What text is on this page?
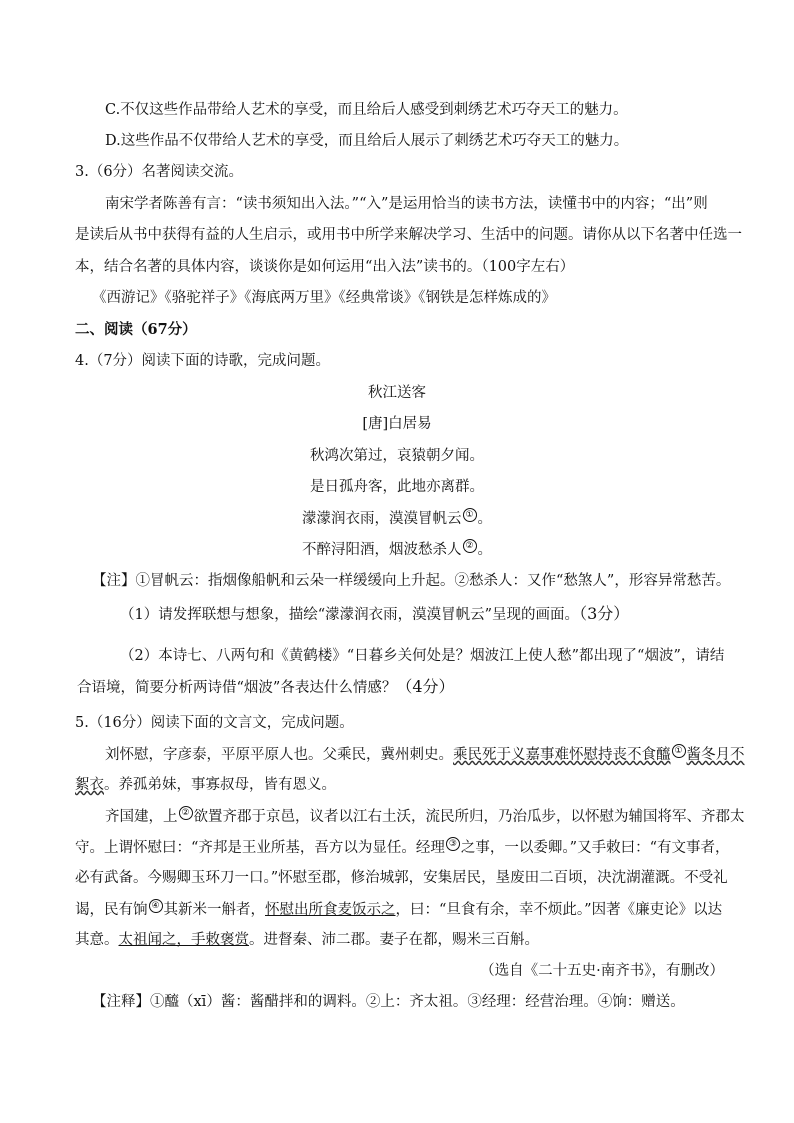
C.不仅这些作品带给人艺术的享受，而且给后人感受到刺绣艺术巧夺天工的魅力。
D.这些作品不仅带给人艺术的享受，而且给后人展示了刺绣艺术巧夺天工的魅力。
3.（6分）名著阅读交流。
南宋学者陈善有言：“读书须知出入法。”“入”是运用恰当的读书方法，读懂书中的内容；“出”则
是读后从书中获得有益的人生启示，或用书中所学来解决学习、生活中的问题。请你从以下名著中任选一
本，结合名著的具体内容，谈谈你是如何运用“出入法”读书的。（100字左右）
《西游记》《骆驼祥子》《海底两万里》《经典常谈》《钢铁是怎样炼成的》
二、阅读（67分）
4.（7分）阅读下面的诗歌，完成问题。
秋江送客
[唐]白居易
秋鸿次第过，哀猿朝夕闻。
是日孤舟客，此地亦离群。
濛濛润衣雨，漠漠冒帆云 ① 。
不醉浔阳酒，烟波愁杀人 ② 。
【注】①冒帆云：指烟像船帆和云朵一样缓缓向上升起。②愁杀人：又作“愁煞人”，形容异常愁苦。
（1）请发挥联想与想象，描绘“濛濛润衣雨，漠漠冒帆云”呈现的画面。（3分）
（2）本诗七、八两句和《黄鹤楼》“日暮乡关何处是？烟波江上使人愁”都出现了“烟波”，请结
合语境，简要分析两诗借“烟波”各表达什么情感？（4分）
5.（16分）阅读下面的文言文，完成问题。
刘怀慰，字彦泰，平原平原人也。父乘民，冀州刺史。乘民死于义嘉事难怀慰持丧不食醯 ① 酱冬月不
絮衣。养孤弟妹，事寡叔母，皆有恩义。
齐国建，上 ② 欲置齐郡于京邑，议者以江右土沃，流民所归，乃治瓜步，以怀慰为辅国将军、齐郡太
守。上谓怀慰曰：“齐邦是王业所基，吾方以为显任。经理 ③ 之事，一以委卿。”又手敕曰：“有文事者，
必有武备。今赐卿玉环刀一口。”怀慰至郡，修治城郭，安集居民，垦废田二百顷，决沈湖灌溉。不受礼
谒，民有饷 ④ 其新米一斛者，怀慰出所食麦饭示之，曰：“旦食有余，幸不烦此。”因著《廉吏论》以达
其意。太祖闻之，手敕褒赏。进督秦、沛二郡。妻子在都，赐米三百斛。
（选自《二十五史·南齐书》，有删改）
【注释】①醯（xī）酱：酱醋拌和的调料。②上：齐太祖。③经理：经营治理。④饷：赠送。
